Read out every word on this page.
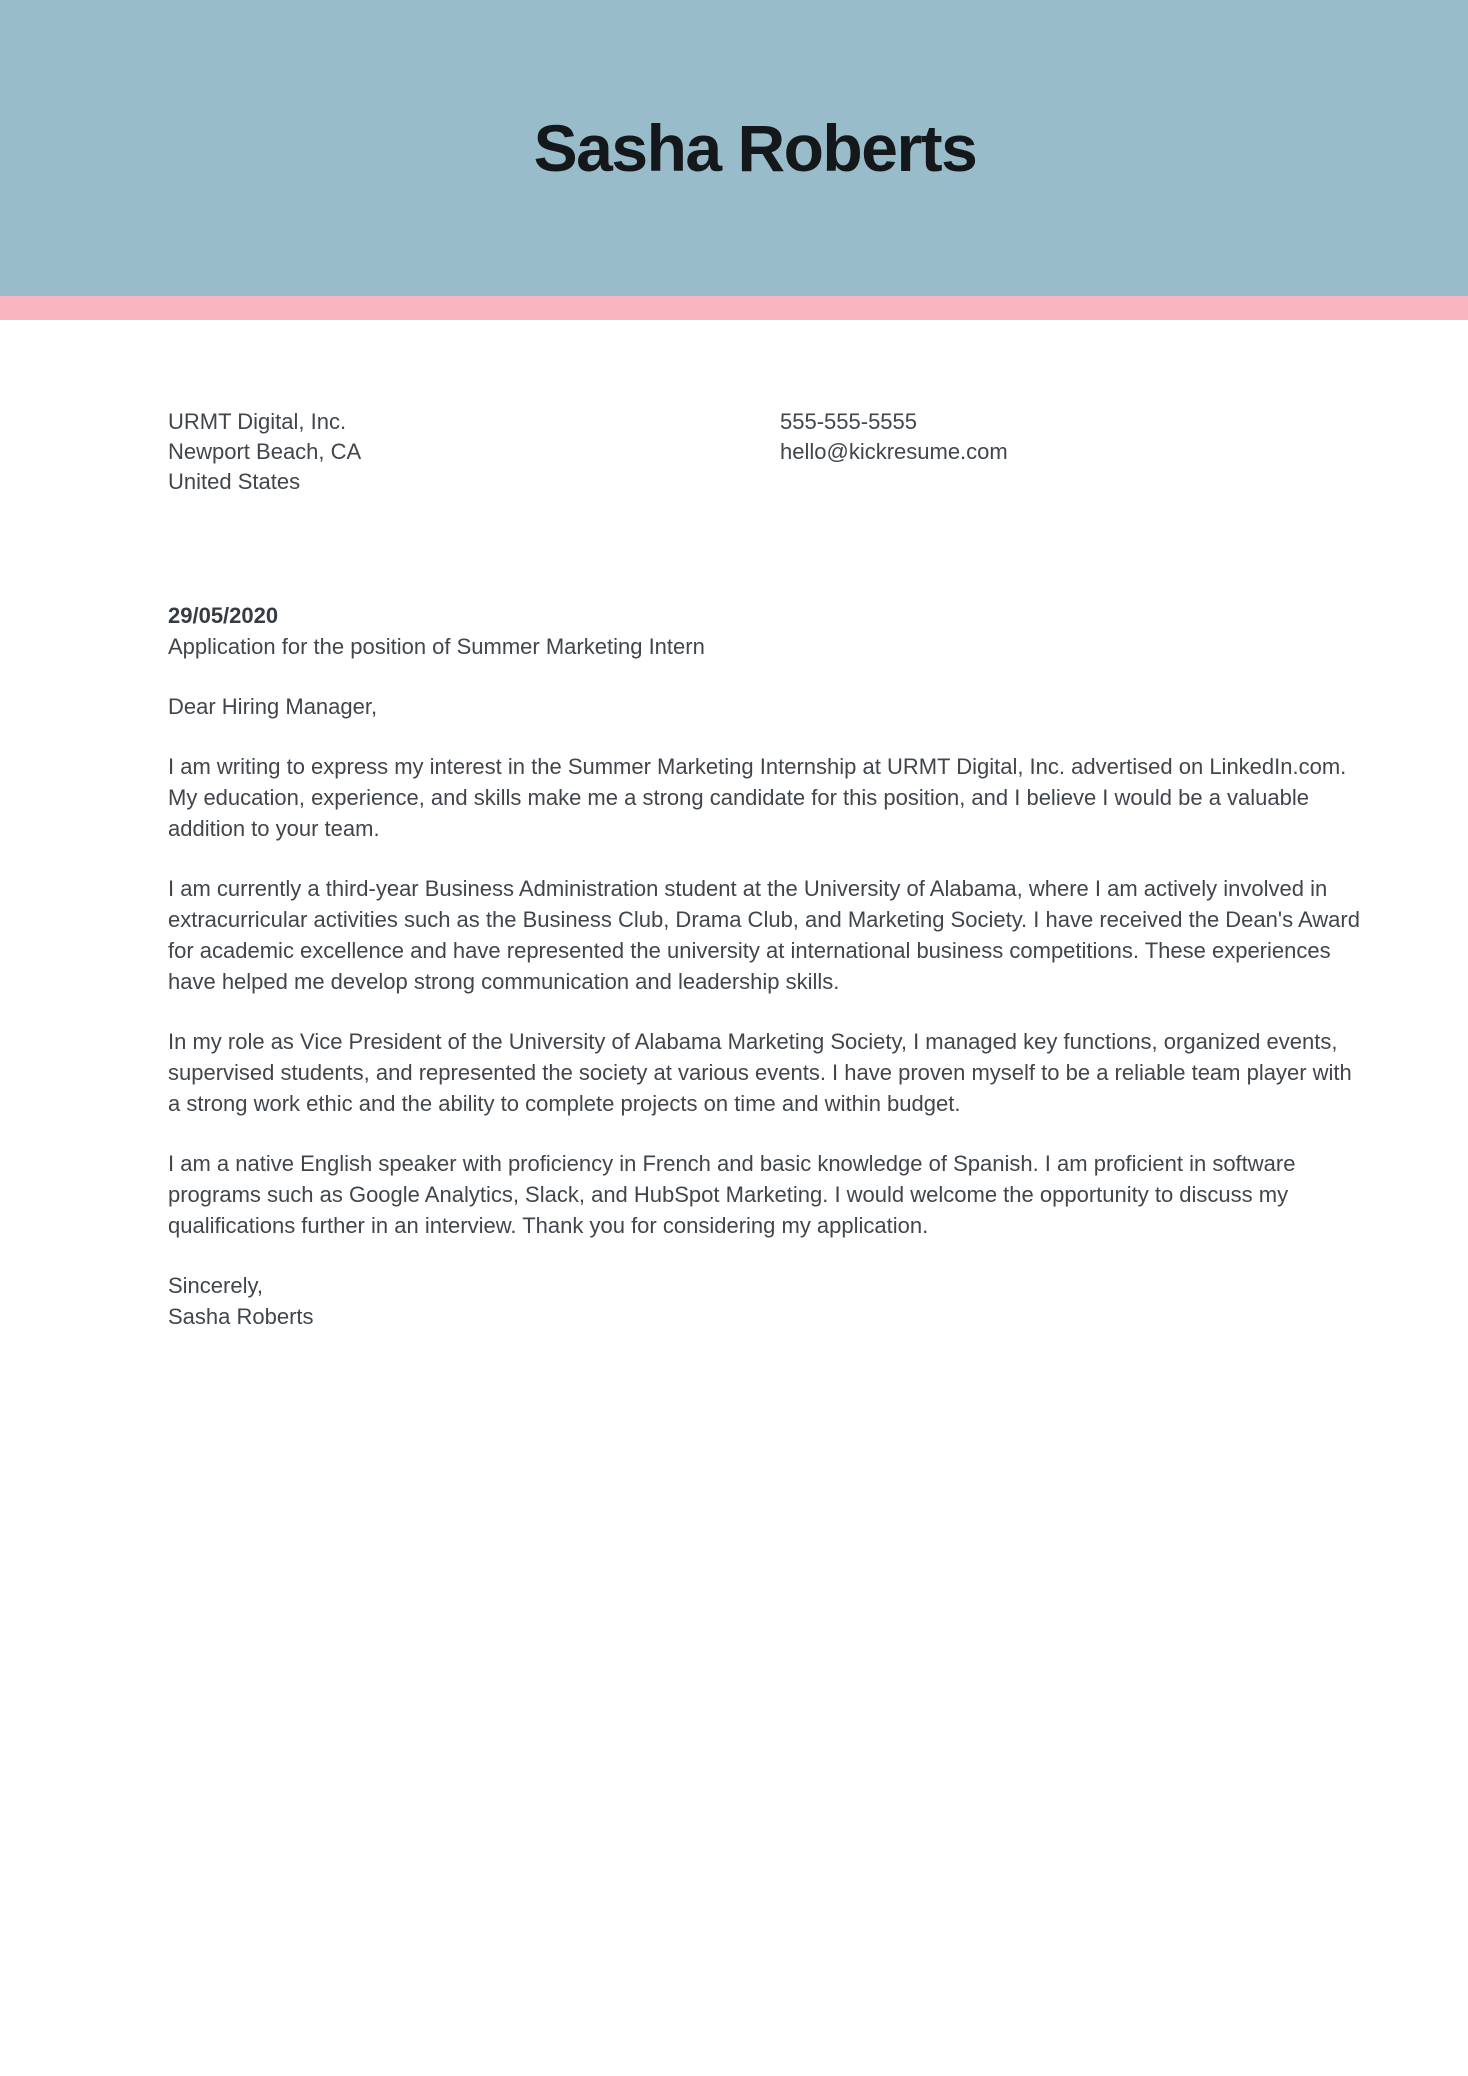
Sasha Roberts
URMT Digital, Inc.
Newport Beach, CA
United States
555-555-5555
hello@kickresume.com
29/05/2020
Application for the position of Summer Marketing Intern

Dear Hiring Manager,

I am writing to express my interest in the Summer Marketing Internship at URMT Digital, Inc. advertised on LinkedIn.com. My education, experience, and skills make me a strong candidate for this position, and I believe I would be a valuable addition to your team.

I am currently a third-year Business Administration student at the University of Alabama, where I am actively involved in extracurricular activities such as the Business Club, Drama Club, and Marketing Society. I have received the Dean's Award for academic excellence and have represented the university at international business competitions. These experiences have helped me develop strong communication and leadership skills.

In my role as Vice President of the University of Alabama Marketing Society, I managed key functions, organized events, supervised students, and represented the society at various events. I have proven myself to be a reliable team player with a strong work ethic and the ability to complete projects on time and within budget.

I am a native English speaker with proficiency in French and basic knowledge of Spanish. I am proficient in software programs such as Google Analytics, Slack, and HubSpot Marketing. I would welcome the opportunity to discuss my qualifications further in an interview. Thank you for considering my application.

Sincerely,
Sasha Roberts
